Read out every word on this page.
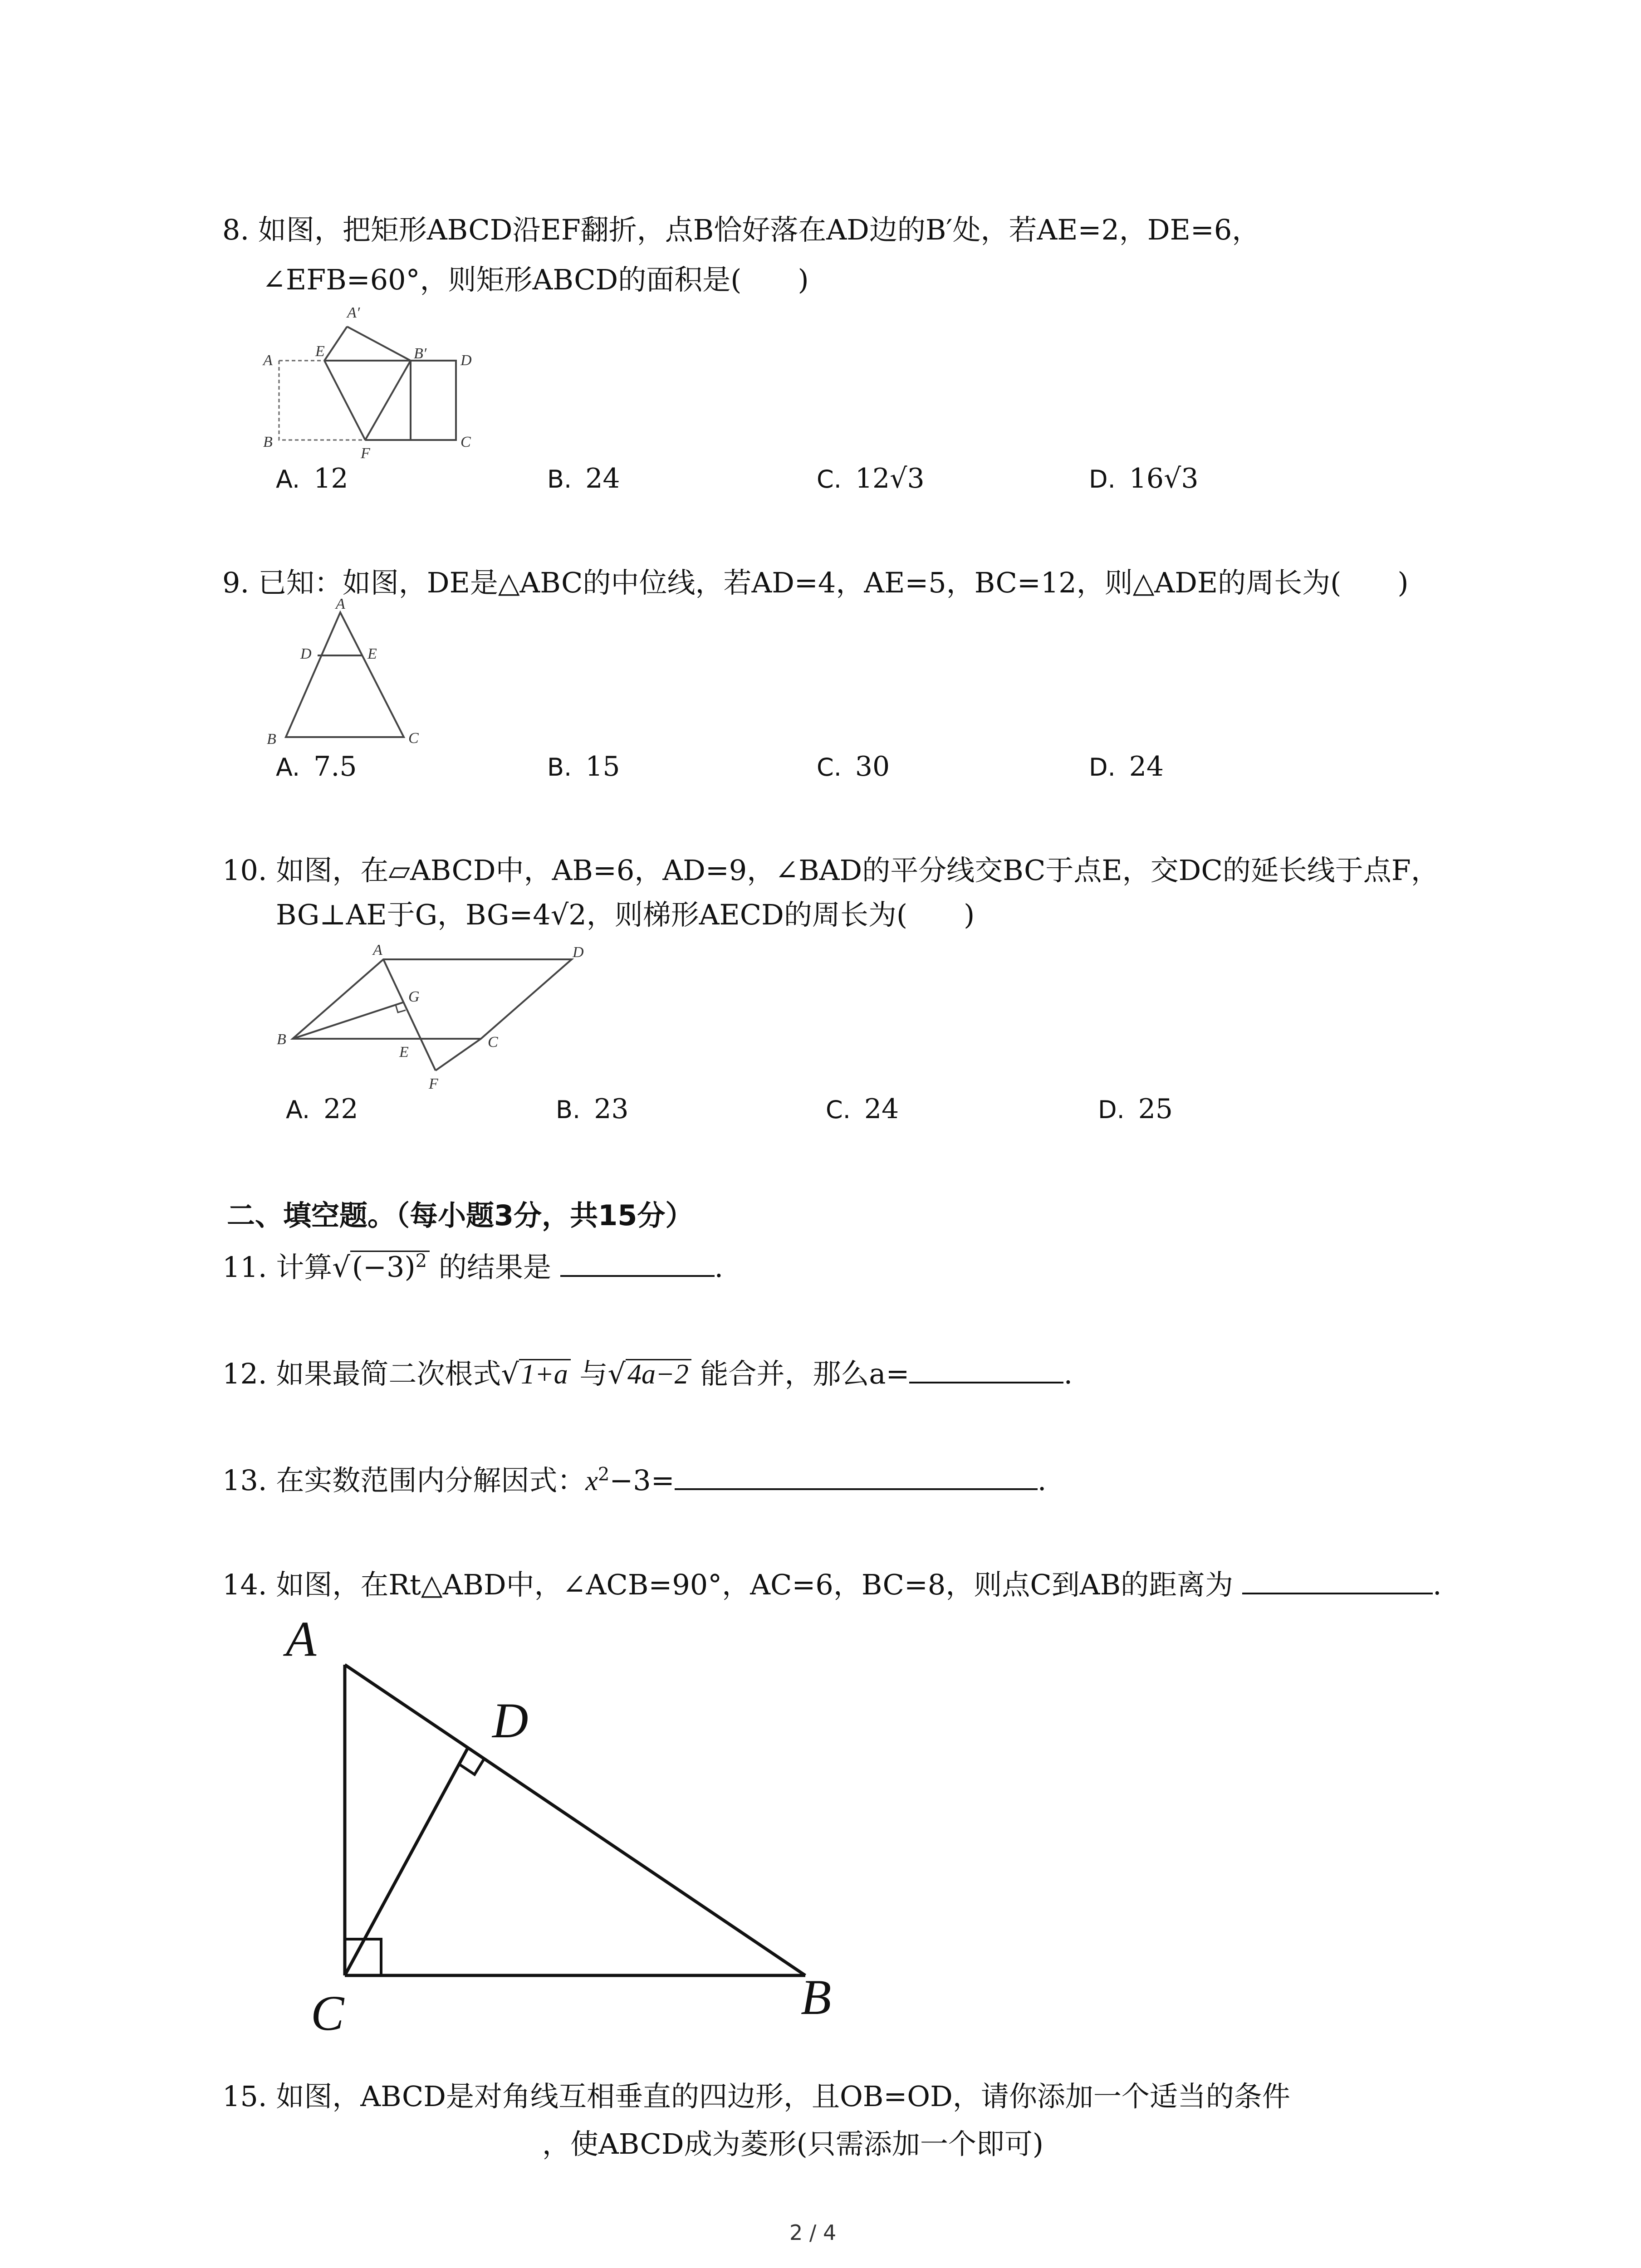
8. 如图，把矩形ABCD沿EF翻折，点B恰好落在AD边的B′处，若AE=2，DE=6，
∠EFB=60°，则矩形ABCD的面积是(　　)
A′
A
E	B′ D
B
F
C
A. 12	B. 24	C. 12√3	D. 16√3
9. 已知：如图，DE是△ABC的中位线，若AD=4，AE=5，BC=12，则△ADE的周长为(　　)
A
D	E
B	C
A. 7.5	B. 15	C. 30	D. 24
10. 如图，在▱ABCD中，AB=6，AD=9，∠BAD的平分线交BC于点E，交DC的延长线于点F，
BG⊥AE于G，BG=4√2，则梯形AECD的周长为(　　)
A	D
G
B
E
C
F
A. 22	B. 23	C. 24	D. 25
二、填空题。（每小题3分，共15分）
11. 计算$√(-3)^2$ 的结果是	.
12. 如果最简二次根式√1+a 与√4a−2 能合并，那么a=	.
13. 在实数范围内分解因式：$x^2-3=$	.
14. 如图，在Rt△ABD中，∠ACB=90°，AC=6，BC=8，则点C到AB的距离为	.
A
D
C	B
15. 如图，ABCD是对角线互相垂直的四边形，且OB=OD，请你添加一个适当的条件
，使ABCD成为菱形(只需添加一个即可)
2 / 4
